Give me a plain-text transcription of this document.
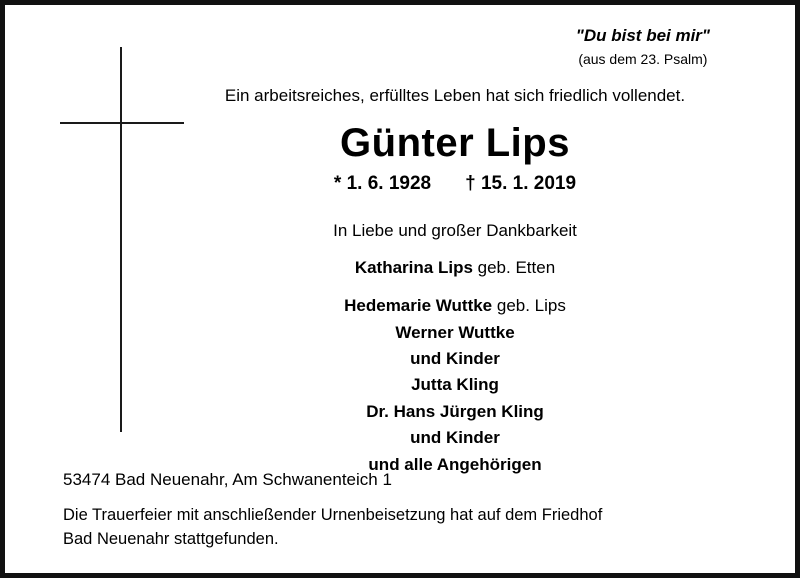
"Du bist bei mir"
(aus dem 23. Psalm)
Ein arbeitsreiches, erfülltes Leben hat sich friedlich vollendet.
Günter Lips
* 1. 6. 1928 † 15. 1. 2019
In Liebe und großer Dankbarkeit
Katharina Lips geb. Etten
Hedemarie Wuttke geb. Lips
Werner Wuttke
und Kinder
Jutta Kling
Dr. Hans Jürgen Kling
und Kinder
und alle Angehörigen
53474 Bad Neuenahr, Am Schwanenteich 1
Die Trauerfeier mit anschließender Urnenbeisetzung hat auf dem Friedhof
Bad Neuenahr stattgefunden.
